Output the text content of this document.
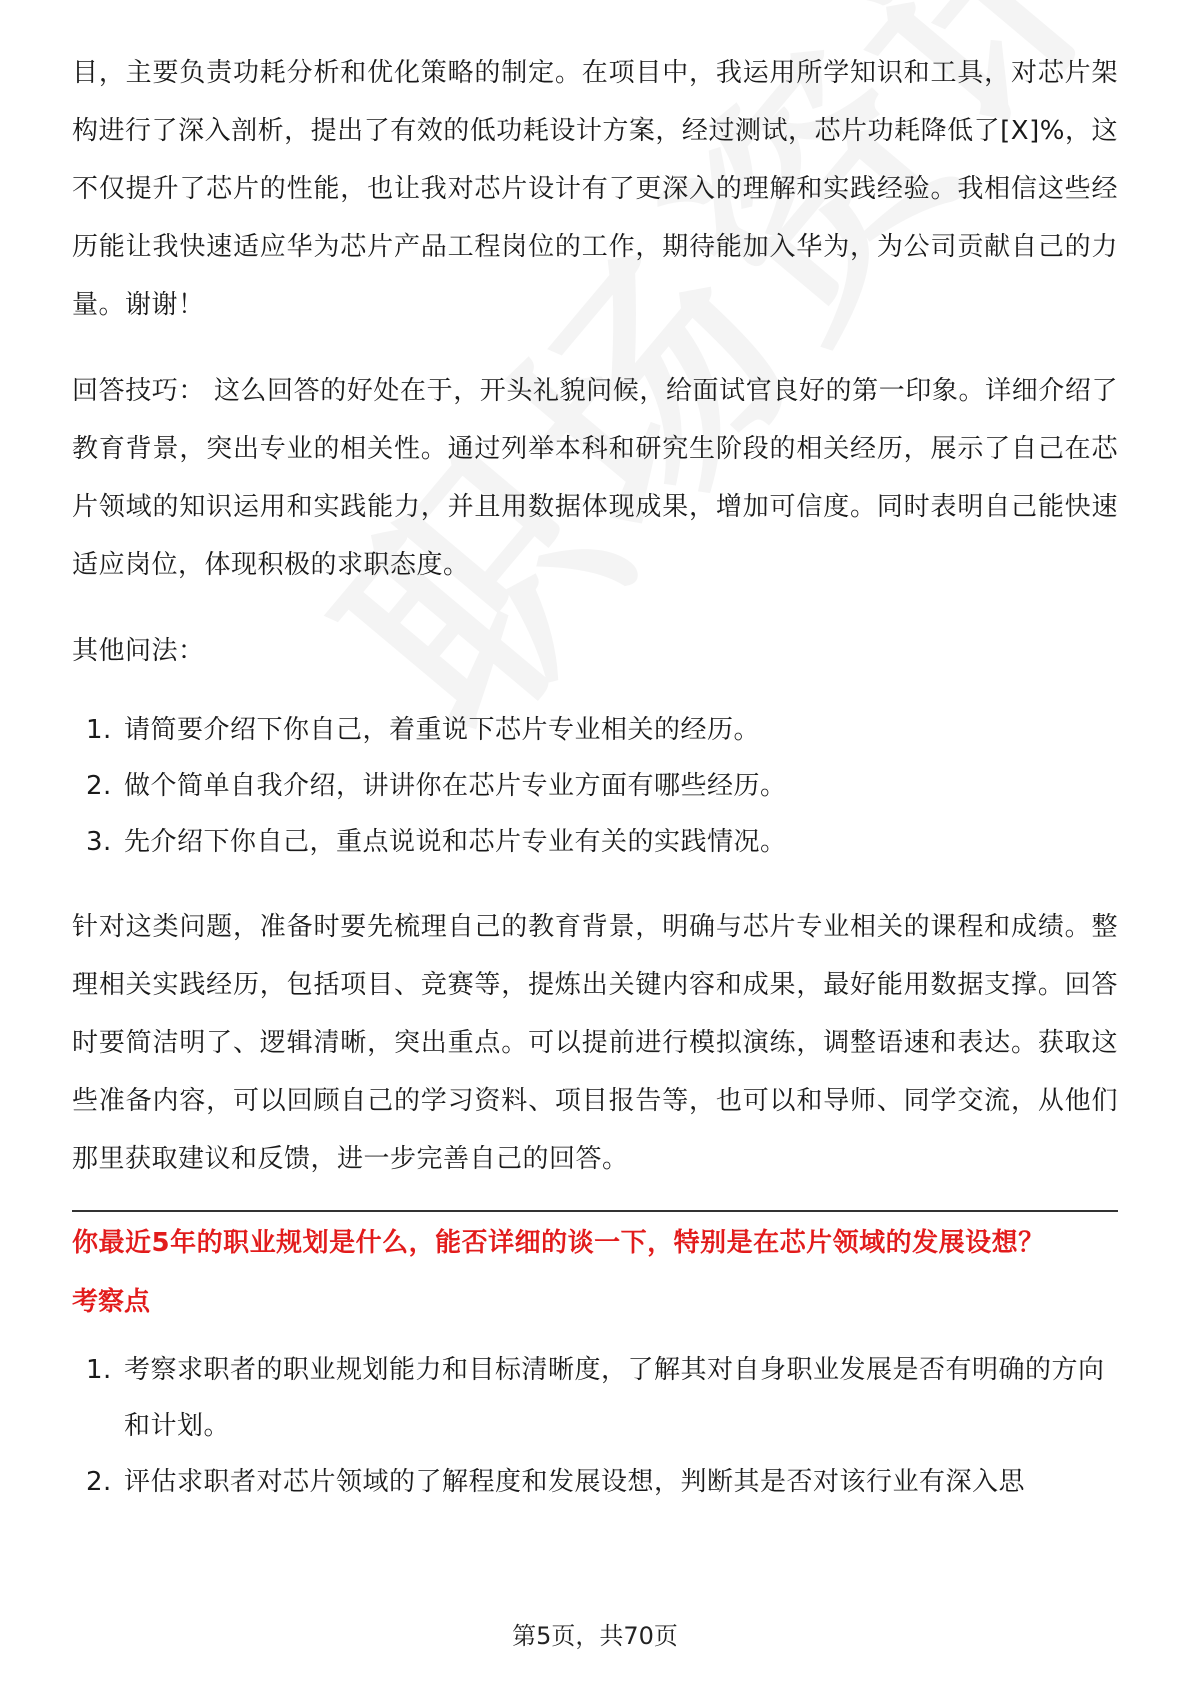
目，主要负责功耗分析和优化策略的制定。在项目中，我运用所学知识和工具，对芯片架构进行了深入剖析，提出了有效的低功耗设计方案，经过测试，芯片功耗降低了[X]%，这不仅提升了芯片的性能，也让我对芯片设计有了更深入的理解和实践经验。我相信这些经历能让我快速适应华为芯片产品工程岗位的工作，期待能加入华为，为公司贡献自己的力量。谢谢！

回答技巧： 这么回答的好处在于，开头礼貌问候，给面试官良好的第一印象。详细介绍了教育背景，突出专业的相关性。通过列举本科和研究生阶段的相关经历，展示了自己在芯片领域的知识运用和实践能力，并且用数据体现成果，增加可信度。同时表明自己能快速适应岗位，体现积极的求职态度。

其他问法：

1. 请简要介绍下你自己，着重说下芯片专业相关的经历。
2. 做个简单自我介绍，讲讲你在芯片专业方面有哪些经历。
3. 先介绍下你自己，重点说说和芯片专业有关的实践情况。

针对这类问题，准备时要先梳理自己的教育背景，明确与芯片专业相关的课程和成绩。整理相关实践经历，包括项目、竞赛等，提炼出关键内容和成果，最好能用数据支撑。回答时要简洁明了、逻辑清晰，突出重点。可以提前进行模拟演练，调整语速和表达。获取这些准备内容，可以回顾自己的学习资料、项目报告等，也可以和导师、同学交流，从他们那里获取建议和反馈，进一步完善自己的回答。

你最近5年的职业规划是什么，能否详细的谈一下，特别是在芯片领域的发展设想？

考察点
1. 考察求职者的职业规划能力和目标清晰度，了解其对自身职业发展是否有明确的方向和计划。
2. 评估求职者对芯片领域的了解程度和发展设想，判断其是否对该行业有深入思
第5页，共70页
